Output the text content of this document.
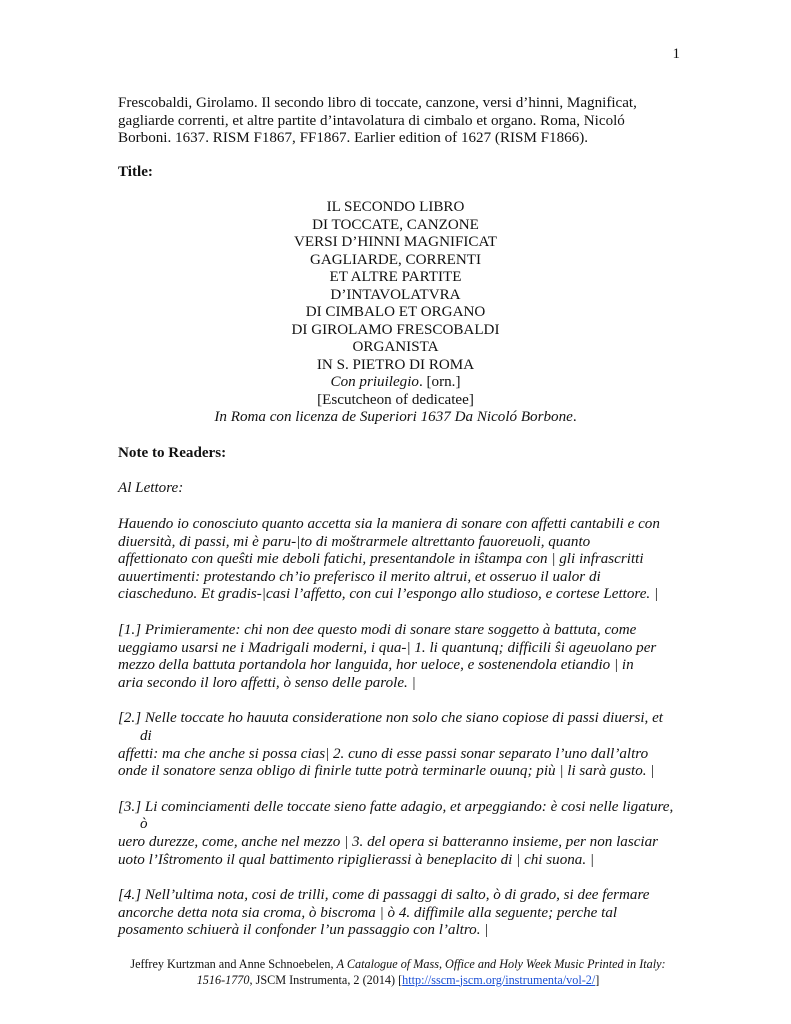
1

Frescobaldi, Girolamo. Il secondo libro di toccate, canzone, versi d’hinni, Magnificat, gagliarde correnti, et altre partite d’intavolatura di cimbalo et organo. Roma, Nicoló Borboni. 1637. RISM F1867, FF1867. Earlier edition of 1627 (RISM F1866).

Title:

IL SECONDO LIBRO
DI TOCCATE, CANZONE
VERSI D’HINNI MAGNIFICAT
GAGLIARDE, CORRENTI
ET ALTRE PARTITE
D’INTAVOLATVRA
DI CIMBALO ET ORGANO
DI GIROLAMO FRESCOBALDI
ORGANISTA
IN S. PIETRO DI ROMA
Con priuilegio. [orn.]
[Escutcheon of dedicatee]
In Roma con licenza de Superiori 1637 Da Nicoló Borbone.

Note to Readers:

Al Lettore:

Hauendo io conosciuto quanto accetta sia la maniera di sonare con affetti cantabili e con
diuersità, di passi, mi è paru-|to di moštrarmele altrettanto fauoreuoli, quanto
affettionato con queŝti mie deboli fatichi, presentandole in iŝtampa con | gli infrascritti
auuertimenti: protestando ch’io preferisco il merito altrui, et osseruo il ualor di
ciascheduno. Et gradis-|casi l’affetto, con cui l’espongo allo studioso, e cortese Lettore. |
[1.] Primieramente: chi non dee questo modi di sonare stare soggetto à battuta, come
ueggiamo usarsi ne i Madrigali moderni, i qua-| 1. li quantunq; difficili ŝi ageuolano per
mezzo della battuta portandola hor languida, hor ueloce, e sostenendola etiandio | in
aria secondo il loro affetti, ò senso delle parole. |
[2.] Nelle toccate ho hauuta consideratione non solo che siano copiose di passi diuersi, et di
affetti: ma che anche si possa cias| 2. cuno di esse passi sonar separato l’uno dall’altro
onde il sonatore senza obligo di finirle tutte potrà terminarle ouunq; più | li sarà gusto. |
[3.] Li cominciamenti delle toccate sieno fatte adagio, et arpeggiando: è cosi nelle ligature, ò
uero durezze, come, anche nel mezzo | 3. del opera si batteranno insieme, per non lasciar
uoto l’Iŝtromento il qual battimento ripiglierassi à beneplacito di | chi suona. |
[4.] Nell’ultima nota, cosi de trilli, come di passaggi di salto, ò di grado, si dee fermare
ancorche detta nota sia croma, ò biscroma | ò 4. diffimile alla seguente; perche tal
posamento schiuerà il confonder l’un passaggio con l’altro. |
Jeffrey Kurtzman and Anne Schnoebelen, A Catalogue of Mass, Office and Holy Week Music Printed in Italy: 1516-1770, JSCM Instrumenta, 2 (2014) [http://sscm-jscm.org/instrumenta/vol-2/]
